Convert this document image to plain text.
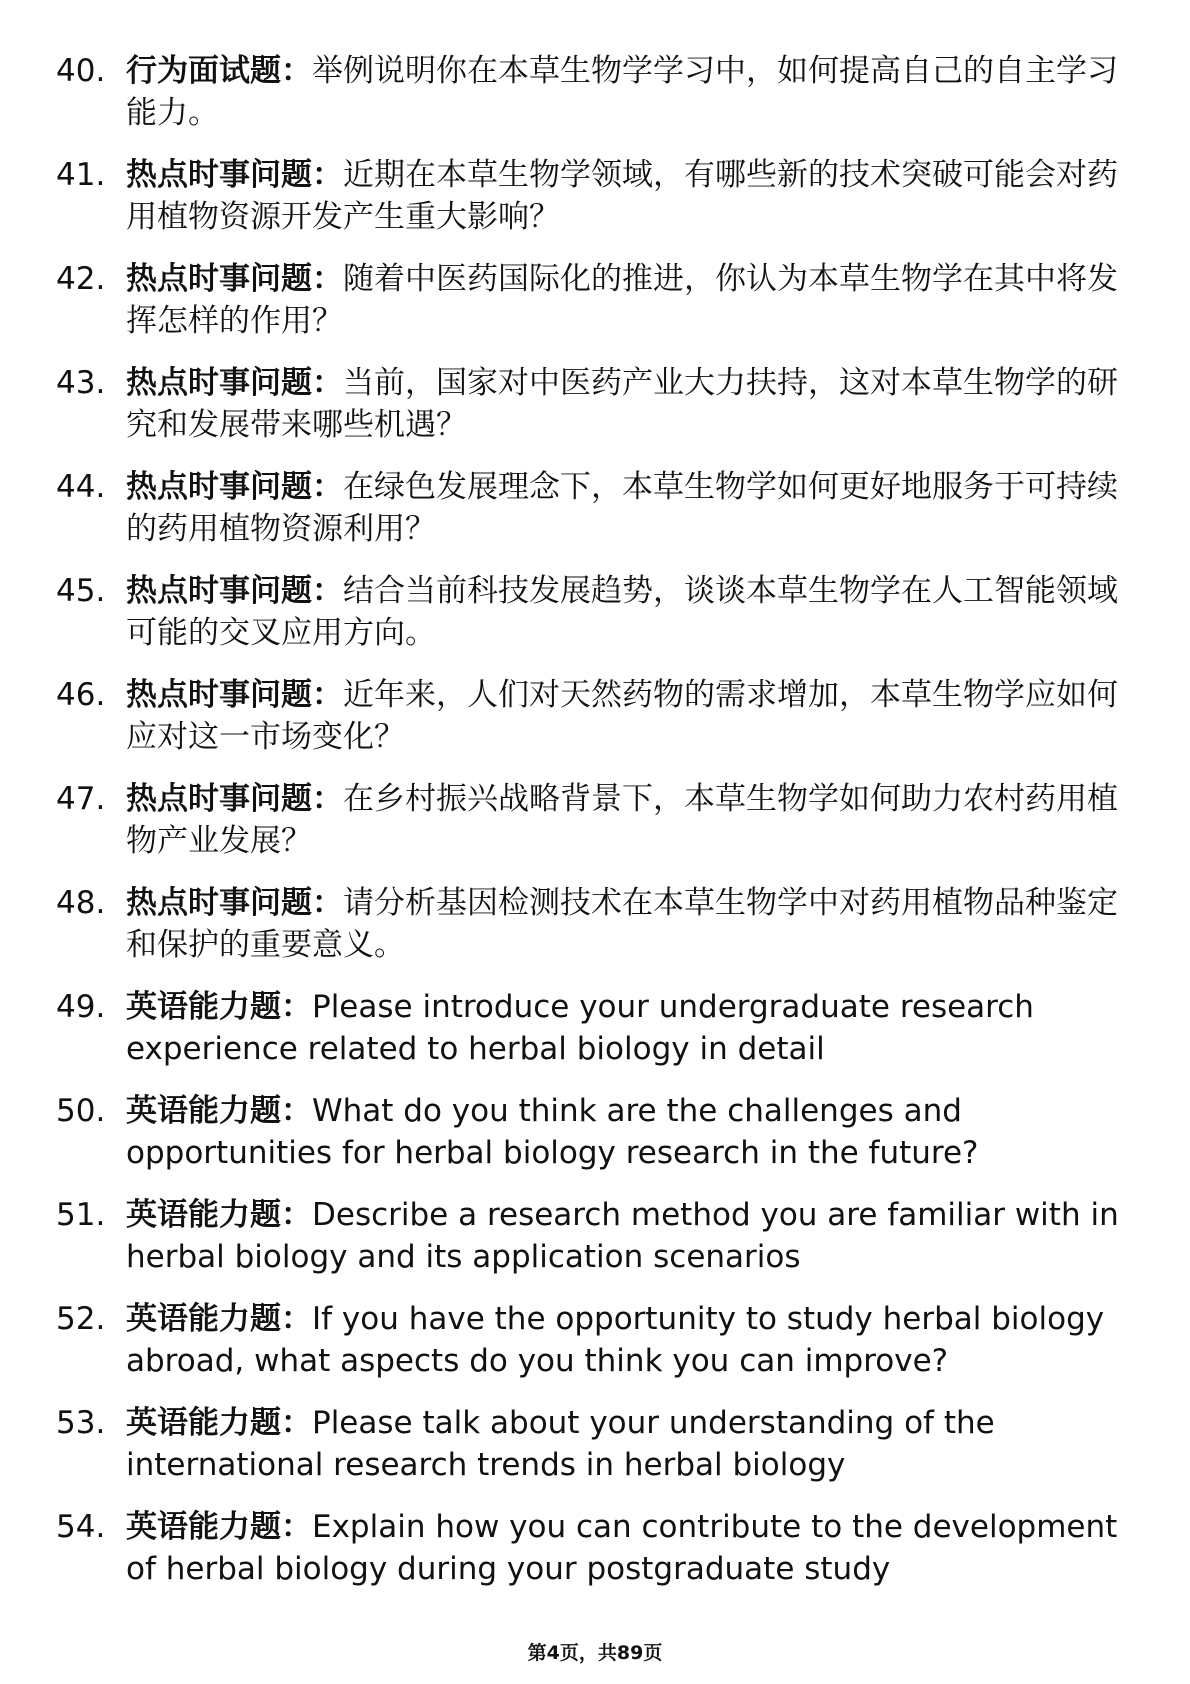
40. 行为面试题：举例说明你在本草生物学学习中，如何提高自己的自主学习能力。
41. 热点时事问题：近期在本草生物学领域，有哪些新的技术突破可能会对药用植物资源开发产生重大影响？
42. 热点时事问题：随着中医药国际化的推进，你认为本草生物学在其中将发挥怎样的作用？
43. 热点时事问题：当前，国家对中医药产业大力扶持，这对本草生物学的研究和发展带来哪些机遇？
44. 热点时事问题：在绿色发展理念下，本草生物学如何更好地服务于可持续的药用植物资源利用？
45. 热点时事问题：结合当前科技发展趋势，谈谈本草生物学在人工智能领域可能的交叉应用方向。
46. 热点时事问题：近年来，人们对天然药物的需求增加，本草生物学应如何应对这一市场变化？
47. 热点时事问题：在乡村振兴战略背景下，本草生物学如何助力农村药用植物产业发展？
48. 热点时事问题：请分析基因检测技术在本草生物学中对药用植物品种鉴定和保护的重要意义。
49. 英语能力题：Please introduce your undergraduate research experience related to herbal biology in detail
50. 英语能力题：What do you think are the challenges and opportunities for herbal biology research in the future?
51. 英语能力题：Describe a research method you are familiar with in herbal biology and its application scenarios
52. 英语能力题：If you have the opportunity to study herbal biology abroad, what aspects do you think you can improve?
53. 英语能力题：Please talk about your understanding of the international research trends in herbal biology
54. 英语能力题：Explain how you can contribute to the development of herbal biology during your postgraduate study
第4页，共89页
